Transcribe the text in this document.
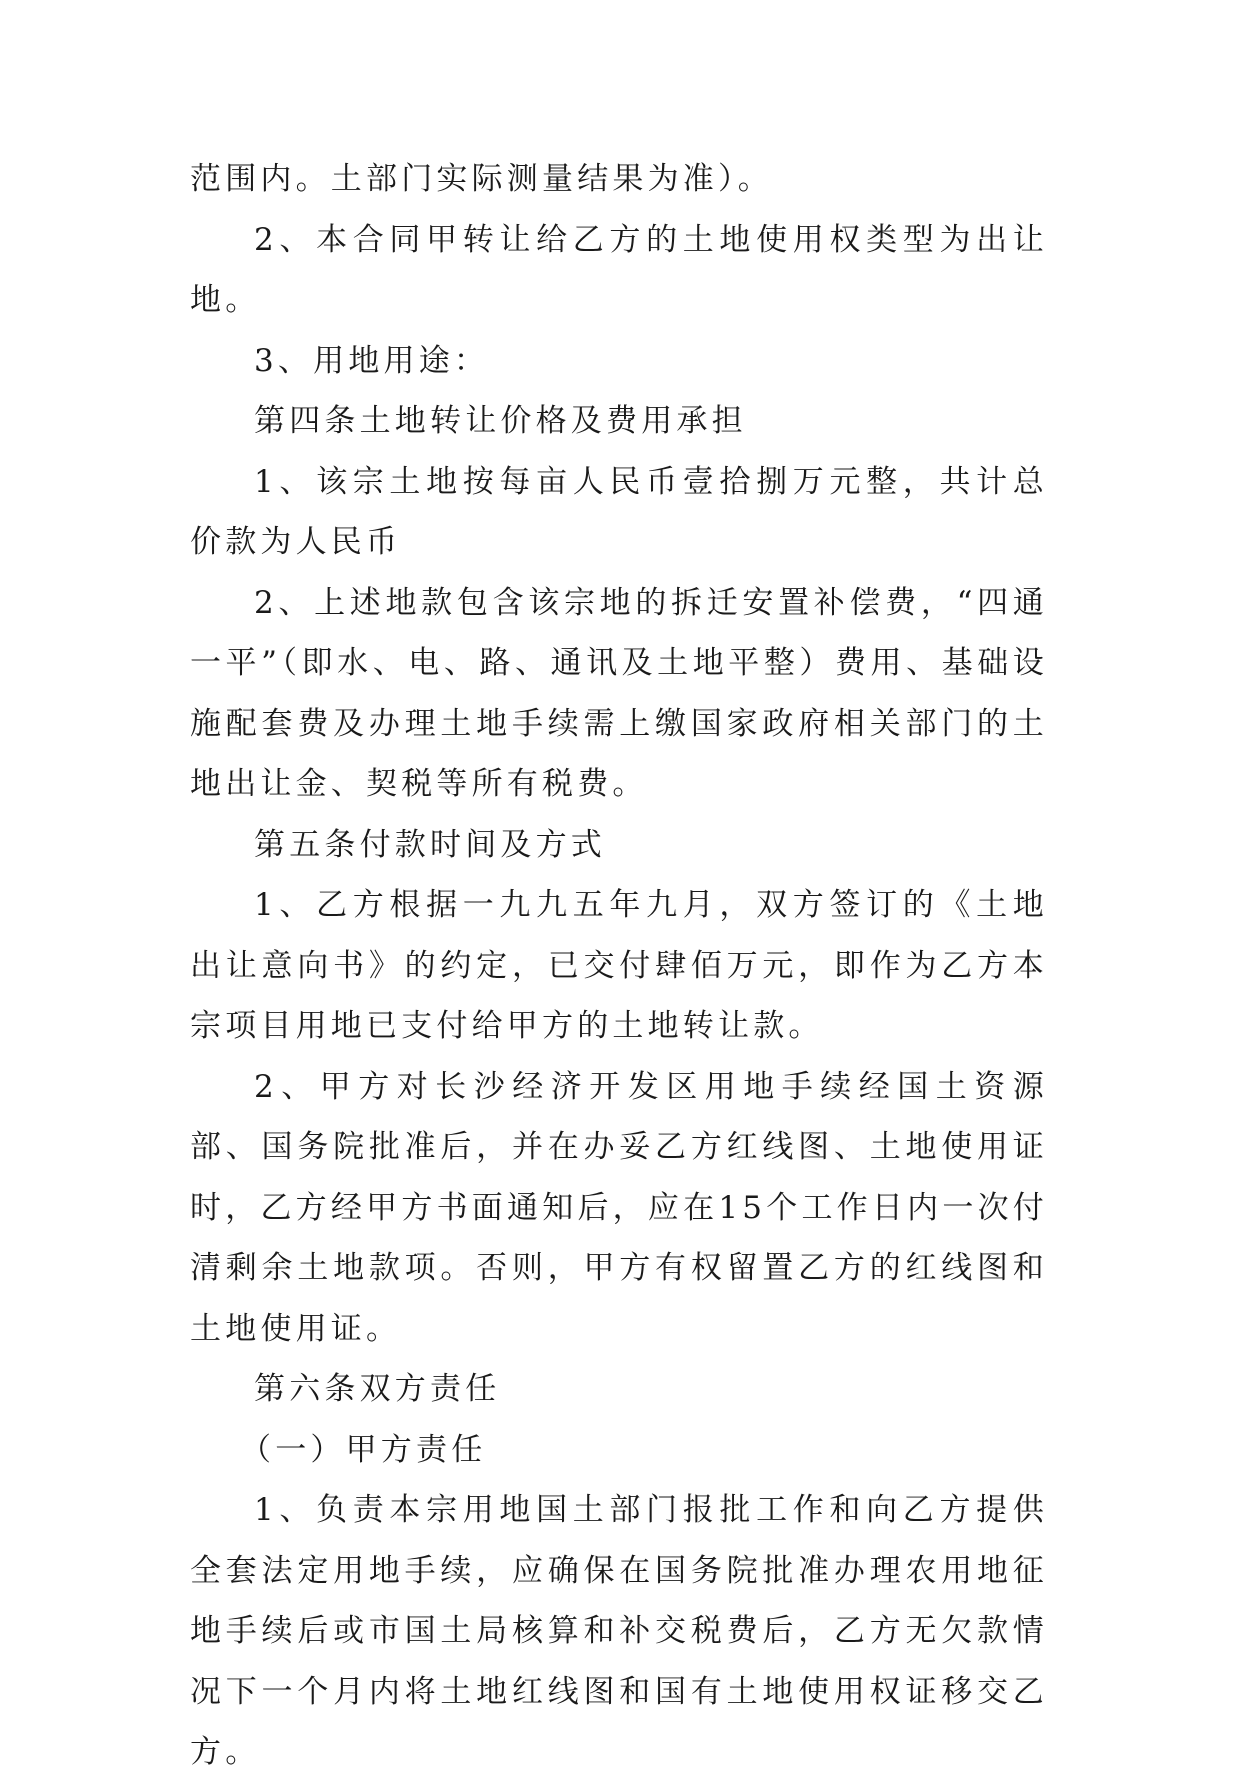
范围内。土部门实际测量结果为准）。

2、本合同甲转让给乙方的土地使用权类型为出让地。

3、用地用途：

第四条土地转让价格及费用承担

1、该宗土地按每亩人民币壹拾捌万元整，共计总价款为人民币

2、上述地款包含该宗地的拆迁安置补偿费，“四通一平”（即水、电、路、通讯及土地平整）费用、基础设施配套费及办理土地手续需上缴国家政府相关部门的土地出让金、契税等所有税费。

第五条付款时间及方式

1、乙方根据一九九五年九月，双方签订的《土地出让意向书》的约定，已交付肆佰万元，即作为乙方本宗项目用地已支付给甲方的土地转让款。

2、甲方对长沙经济开发区用地手续经国土资源部、国务院批准后，并在办妥乙方红线图、土地使用证时，乙方经甲方书面通知后，应在15个工作日内一次付清剩余土地款项。否则，甲方有权留置乙方的红线图和土地使用证。

第六条双方责任

（一）甲方责任

1、负责本宗用地国土部门报批工作和向乙方提供全套法定用地手续，应确保在国务院批准办理农用地征地手续后或市国土局核算和补交税费后，乙方无欠款情况下一个月内将土地红线图和国有土地使用权证移交乙方。
